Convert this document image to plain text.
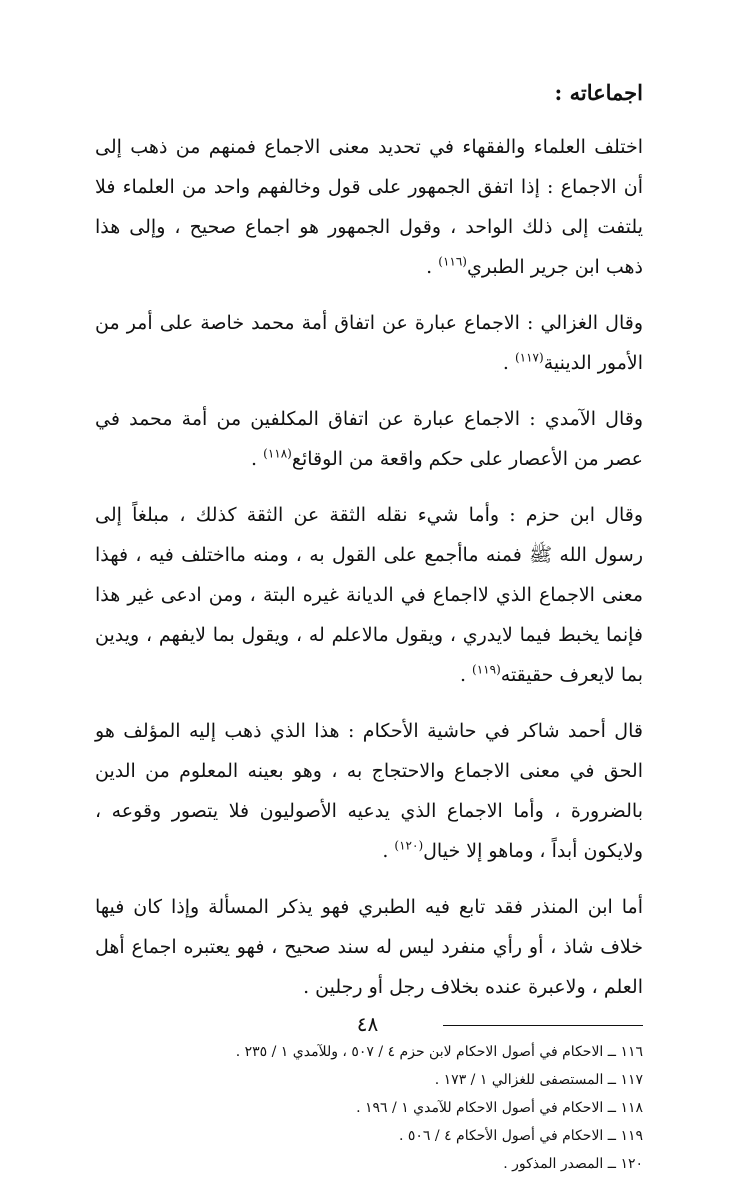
اجماعاته :

اختلف العلماء والفقهاء في تحديد معنى الاجماع فمنهم من ذهب إلى أن الاجماع : إذا اتفق الجمهور على قول وخالفهم واحد من العلماء فلا يلتفت إلى ذلك الواحد ، وقول الجمهور هو اجماع صحيح ، وإلى هذا ذهب ابن جرير الطبري$^{(١١٦)}$ .

وقال الغزالي : الاجماع عبارة عن اتفاق أمة محمد خاصة على أمر من الأمور الدينية$^{(١١٧)}$ .

وقال الآمدي : الاجماع عبارة عن اتفاق المكلفين من أمة محمد في عصر من الأعصار على حكم واقعة من الوقائع$^{(١١٨)}$ .

وقال ابن حزم : وأما شيء نقله الثقة عن الثقة كذلك ، مبلغاً إلى رسول الله ﷺ فمنه ماأجمع على القول به ، ومنه مااختلف فيه ، فهذا معنى الاجماع الذي لااجماع في الديانة غيره البتة ، ومن ادعى غير هذا فإنما يخبط فيما لايدري ، ويقول مالاعلم له ، ويقول بما لايفهم ، ويدين بما لايعرف حقيقته$^{(١١٩)}$ .

قال أحمد شاكر في حاشية الأحكام : هذا الذي ذهب إليه المؤلف هو الحق في معنى الاجماع والاحتجاج به ، وهو بعينه المعلوم من الدين بالضرورة ، وأما الاجماع الذي يدعيه الأصوليون فلا يتصور وقوعه ، ولايكون أبداً ، وماهو إلا خيال$^{(١٢٠)}$ .

أما ابن المنذر فقد تابع فيه الطبري فهو يذكر المسألة وإذا كان فيها خلاف شاذ ، أو رأي منفرد ليس له سند صحيح ، فهو يعتبره اجماع أهل العلم ، ولاعبرة عنده بخلاف رجل أو رجلين .

١١٦ ــ الاحكام في أصول الاحكام لابن حزم ٤ / ٥٠٧ ، وللآمدي ١ / ٢٣٥ .

١١٧ ــ المستصفى للغزالي ١ / ١٧٣ .

١١٨ ــ الاحكام في أصول الاحكام للآمدي ١ / ١٩٦ .

١١٩ ــ الاحكام في أصول الأحكام ٤ / ٥٠٦ .

١٢٠ ــ المصدر المذكور .

٤٨
